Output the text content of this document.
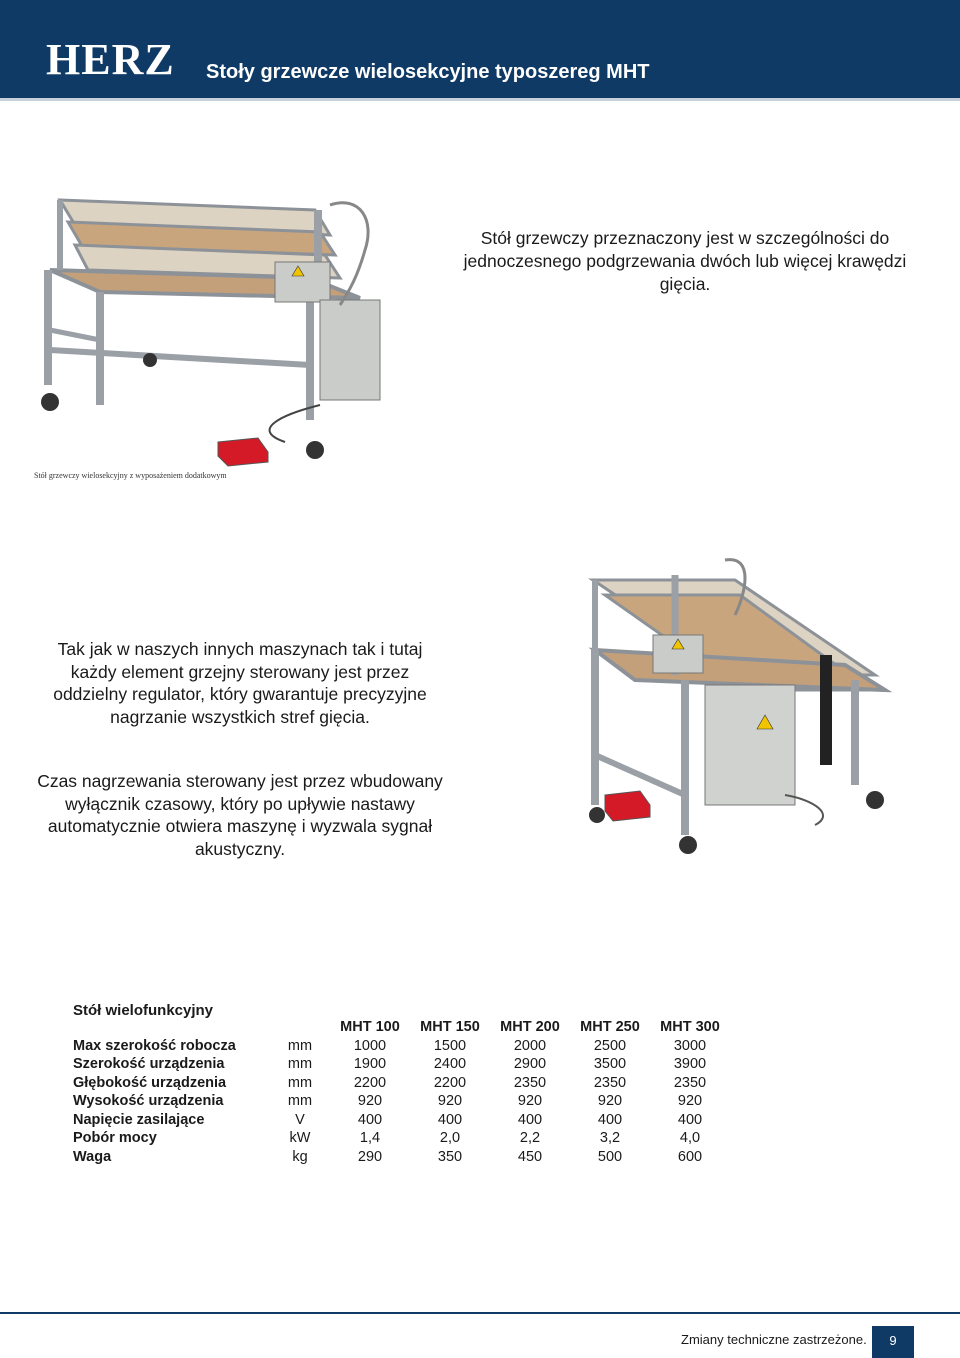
HERZ Stoły grzewcze wielosekcyjne typoszereg MHT
Stół grzewczy wielosekcyjny z wyposażeniem dodatkowym
Stół grzewczy przeznaczony jest w szczególności do jednoczesnego podgrzewania dwóch lub więcej krawędzi gięcia.
Tak jak w naszych innych maszynach tak i tutaj każdy element grzejny sterowany jest przez oddzielny regulator, który gwarantuje precyzyjne nagrzanie wszystkich stref gięcia.
Czas nagrzewania sterowany jest przez wbudowany wyłącznik czasowy, który po upływie nastawy automatycznie otwiera maszynę i wyzwala sygnał akustyczny.
Stół wielofunkcyjny
		MHT 100	MHT 150	MHT 200	MHT 250	MHT 300
Max szerokość robocza	mm	1000	1500	2000	2500	3000
Szerokość urządzenia	mm	1900	2400	2900	3500	3900
Głębokość urządzenia	mm	2200	2200	2350	2350	2350
Wysokość urządzenia	mm	920	920	920	920	920
Napięcie zasilające	V	400	400	400	400	400
Pobór mocy	kW	1,4	2,0	2,2	3,2	4,0
Waga	kg	290	350	450	500	600
Zmiany techniczne zastrzeżone.	9
